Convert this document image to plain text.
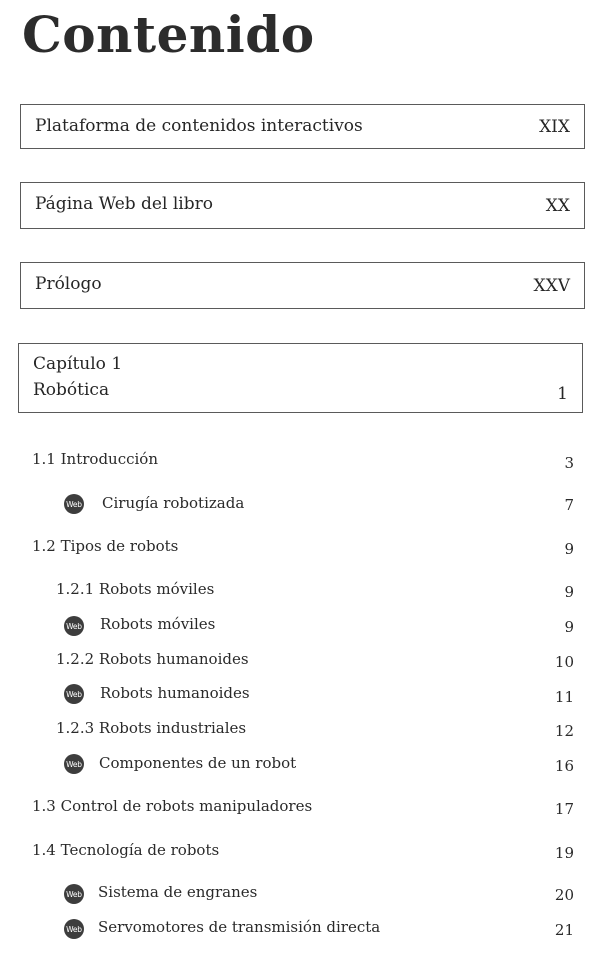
Contenido
Plataforma de contenidos interactivos	XIX
Página Web del libro	XX
Prólogo	XXV
Capítulo 1
Robótica	1
1.1 Introducción	3
Web Cirugía robotizada	7
1.2 Tipos de robots	9
1.2.1 Robots móviles	9
Web Robots móviles	9
1.2.2 Robots humanoides	10
Web Robots humanoides	11
1.2.3 Robots industriales	12
Web Componentes de un robot	16
1.3 Control de robots manipuladores	17
1.4 Tecnología de robots	19
Web Sistema de engranes	20
Web Servomotores de transmisión directa	21
